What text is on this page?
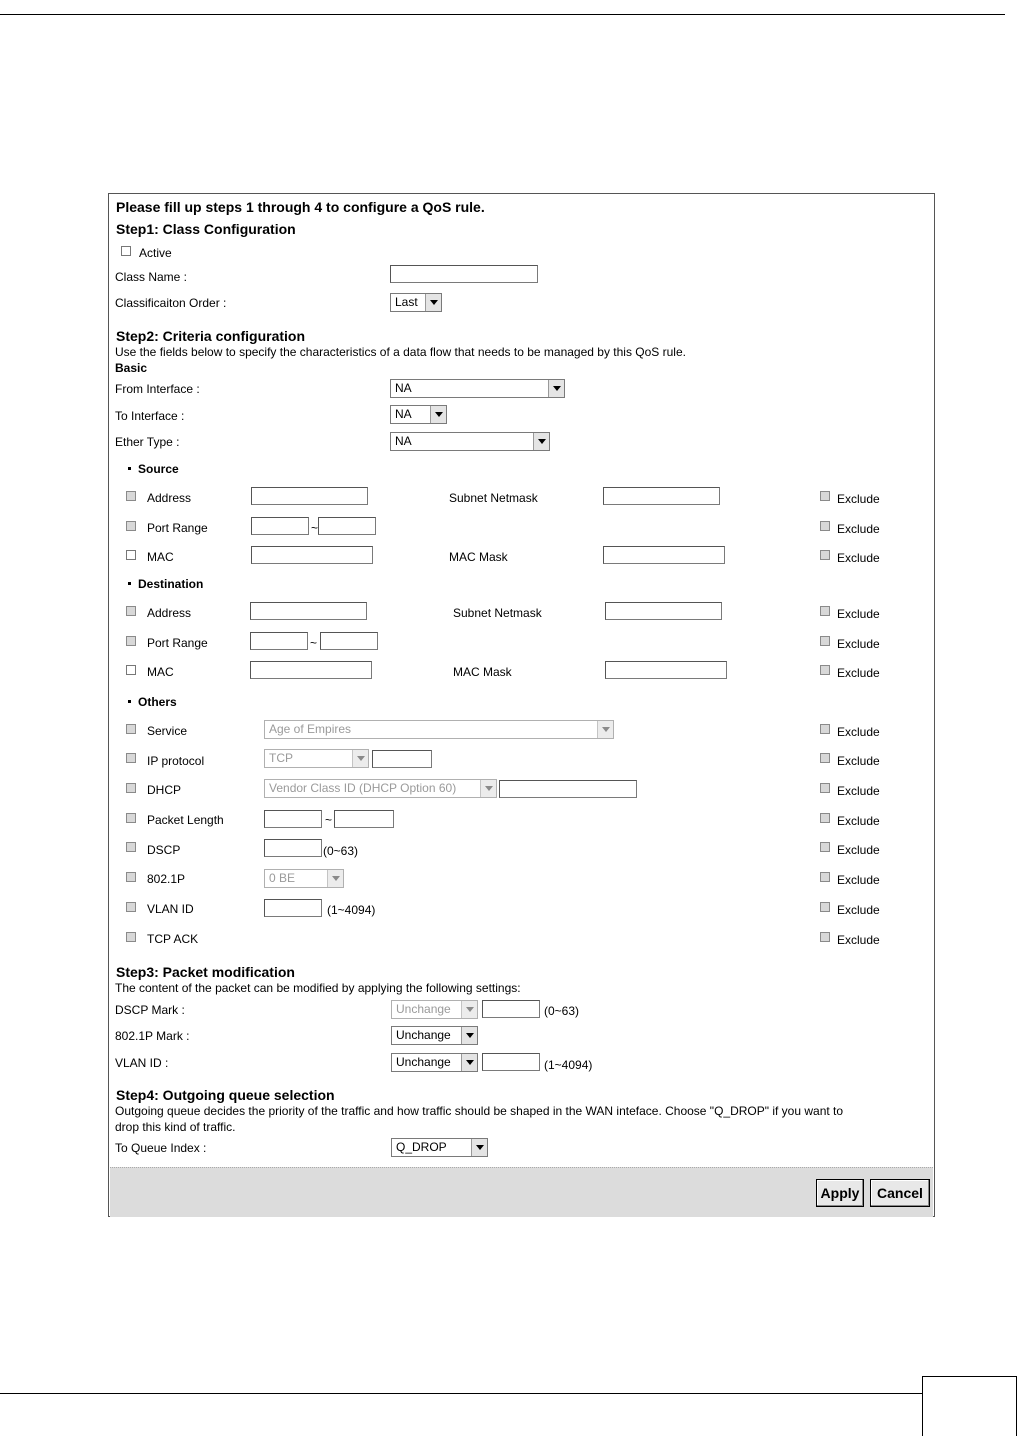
Please fill up steps 1 through 4 to configure a QoS rule.
Step1: Class Configuration
Active
Class Name :
Classificaiton Order :	Last
Step2: Criteria configuration
Use the fields below to specify the characteristics of a data flow that needs to be managed by this QoS rule.
Basic
From Interface :	NA
To Interface :	NA
Ether Type :	NA
Source
Address	Subnet Netmask	Exclude
Port Range	~	Exclude
MAC	MAC Mask	Exclude
Destination
Address	Subnet Netmask	Exclude
Port Range	~	Exclude
MAC	MAC Mask	Exclude
Others
Service	Age of Empires	Exclude
IP protocol	TCP	Exclude
DHCP	Vendor Class ID (DHCP Option 60)	Exclude
Packet Length	~	Exclude
DSCP	(0~63)	Exclude
802.1P	0 BE	Exclude
VLAN ID	(1~4094)	Exclude
TCP ACK	Exclude
Step3: Packet modification
The content of the packet can be modified by applying the following settings:
DSCP Mark :	Unchange	(0~63)
802.1P Mark :	Unchange
VLAN ID :	Unchange	(1~4094)
Step4: Outgoing queue selection
Outgoing queue decides the priority of the traffic and how traffic should be shaped in the WAN inteface. Choose "Q_DROP" if you want to
drop this kind of traffic.
To Queue Index :	Q_DROP
Apply	Cancel
